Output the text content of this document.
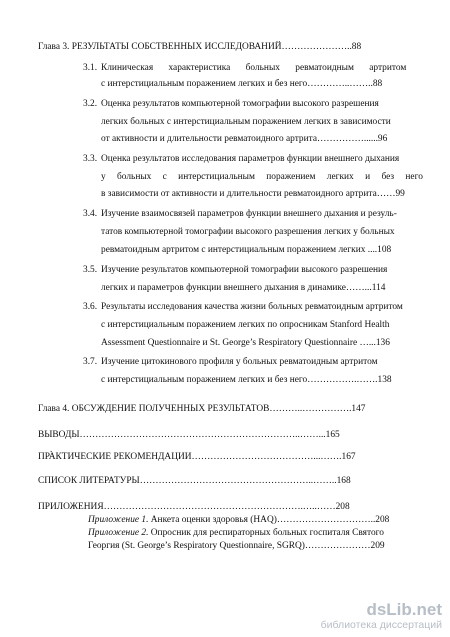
Глава 3. РЕЗУЛЬТАТЫ СОБСТВЕННЫХ ИССЛЕДОВАНИЙ…………………..88
3.1. Клиническая характеристика больных ревматоидным артритом
с интерстициальным поражением легких и без него…………..……..88
3.2. Оценка результатов компьютерной томографии высокого разрешения
легких больных с интерстициальным поражением легких в зависимости
от активности и длительности ревматоидного артрита……………......96
3.3. Оценка результатов исследования параметров функции внешнего дыхания
у больных с интерстициальным поражением легких и без него
в зависимости от активности и длительности ревматоидного артрита……99
3.4. Изучение взаимосвязей параметров функции внешнего дыхания и резуль-
татов компьютерной томографии высокого разрешения легких у больных
ревматоидным артритом с интерстициальным поражением легких ....108
3.5. Изучение результатов компьютерной томографии высокого разрешения
легких и параметров функции внешнего дыхания в динамике……...114
3.6. Результаты исследования качества жизни больных ревматоидным артритом
с интерстициальным поражением легких по опросникам Stanford Health
Assessment Questionnaire и St. George’s Respiratory Questionnaire …...136
3.7. Изучение цитокинового профиля у больных ревматоидным артритом
с интерстициальным поражением легких и без него…………….…….138
Глава 4. ОБСУЖДЕНИЕ ПОЛУЧЕННЫХ РЕЗУЛЬТАТОВ………..…………….147
ВЫВОДЫ……………………………………………………………..……...165
.
ПРАКТИЧЕСКИЕ РЕКОМЕНДАЦИИ…………………………………...…….167
СПИСОК ЛИТЕРАТУРЫ………………………………………………..……..168
ПРИЛОЖЕНИЯ……………………………………………………….…..……208
Приложение 1. Анкета оценки здоровья (HAQ)…………………………..208
Приложение 2. Опросник для респираторных больных госпиталя Святого
Георгия (St. George’s Respiratory Questionnaire, SGRQ)…………………209
dsLib.net
библиотека диссертаций
